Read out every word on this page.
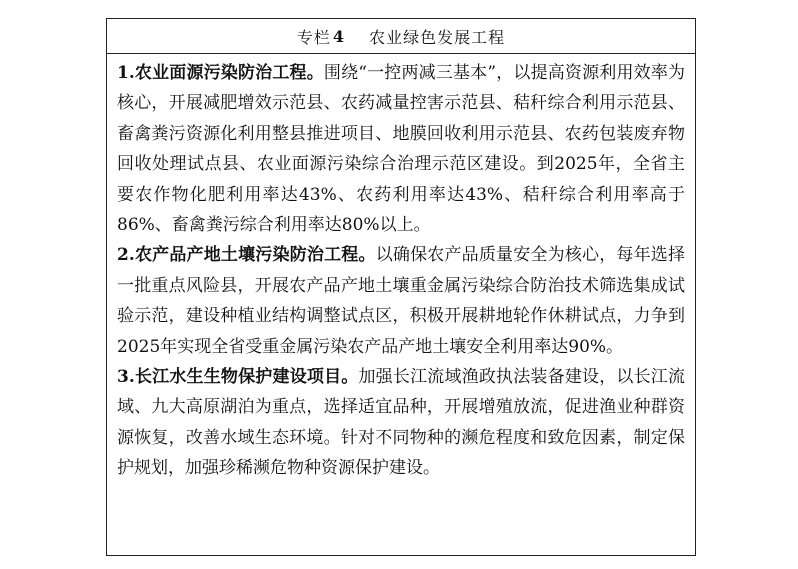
专栏 4 农业绿色发展工程

1.农业面源污染防治工程。围绕“一控两减三基本”，以提高资源利用效率为核心，开展减肥增效示范县、农药减量控害示范县、秸秆综合利用示范县、畜禽粪污资源化利用整县推进项目、地膜回收利用示范县、农药包装废弃物回收处理试点县、农业面源污染综合治理示范区建设。到2025年，全省主要农作物化肥利用率达43%、农药利用率达43%、秸秆综合利用率高于86%、畜禽粪污综合利用率达80%以上。

2.农产品产地土壤污染防治工程。以确保农产品质量安全为核心，每年选择一批重点风险县，开展农产品产地土壤重金属污染综合防治技术筛选集成试验示范，建设种植业结构调整试点区，积极开展耕地轮作休耕试点，力争到2025年实现全省受重金属污染农产品产地土壤安全利用率达90%。

3.长江水生生物保护建设项目。加强长江流域渔政执法装备建设，以长江流域、九大高原湖泊为重点，选择适宜品种，开展增殖放流，促进渔业种群资源恢复，改善水域生态环境。针对不同物种的濒危程度和致危因素，制定保护规划，加强珍稀濒危物种资源保护建设。
